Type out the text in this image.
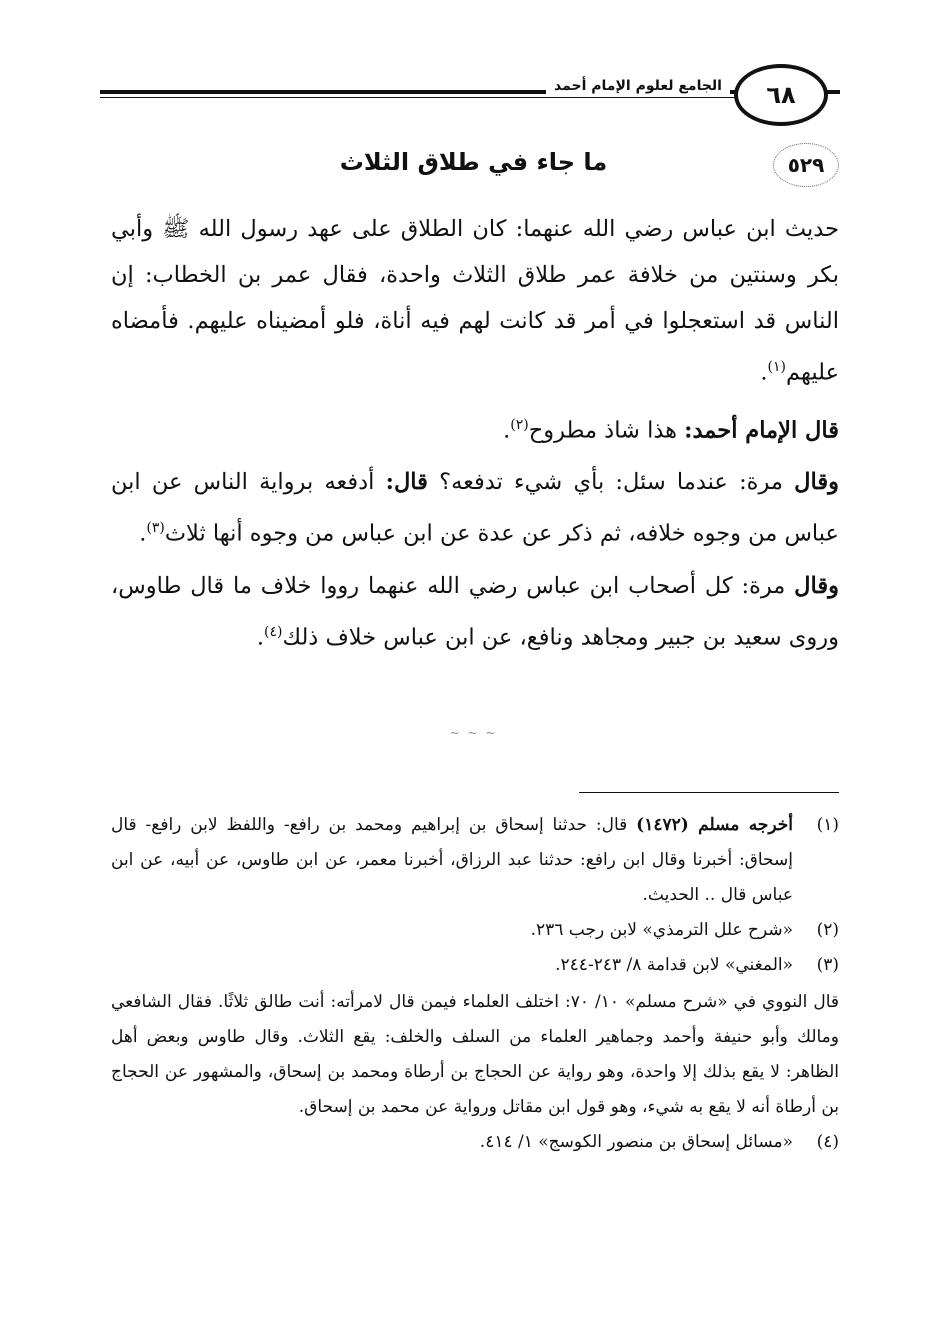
الجامع لعلوم الإمام أحمد	٦٨
٥٢٩
ما جاء في طلاق الثلاث

حديث ابن عباس رضي الله عنهما: كان الطلاق على عهد رسول الله ﷺ وأبي بكر وسنتين من خلافة عمر طلاق الثلاث واحدة، فقال عمر بن الخطاب: إن الناس قد استعجلوا في أمر قد كانت لهم فيه أناة، فلو أمضيناه عليهم. فأمضاه عليهم$^{(١)}$.

قال الإمام أحمد: هذا شاذ مطروح$^{(٢)}$.

وقال مرة: عندما سئل: بأي شيء تدفعه؟ قال: أدفعه برواية الناس عن ابن عباس من وجوه خلافه، ثم ذكر عن عدة عن ابن عباس من وجوه أنها ثلاث$^{(٣)}$.

وقال مرة: كل أصحاب ابن عباس رضي الله عنهما رووا خلاف ما قال طاوس، وروى سعيد بن جبير ومجاهد ونافع، عن ابن عباس خلاف ذلك$^{(٤)}$.

~ ~ ~
(١)
أخرجه مسلم (١٤٧٢) قال: حدثنا إسحاق بن إبراهيم ومحمد بن رافع- واللفظ لابن رافع- قال إسحاق: أخبرنا وقال ابن رافع: حدثنا عبد الرزاق، أخبرنا معمر، عن ابن طاوس، عن أبيه، عن ابن عباس قال .. الحديث.
(٢)
«شرح علل الترمذي» لابن رجب ٢٣٦.
(٣)
«المغني» لابن قدامة ٨/ ٢٤٣-٢٤٤.

قال النووي في «شرح مسلم» ١٠/ ٧٠: اختلف العلماء فيمن قال لامرأته: أنت طالق ثلاثًا. فقال الشافعي ومالك وأبو حنيفة وأحمد وجماهير العلماء من السلف والخلف: يقع الثلاث. وقال طاوس وبعض أهل الظاهر: لا يقع بذلك إلا واحدة، وهو رواية عن الحجاج بن أرطاة ومحمد بن إسحاق، والمشهور عن الحجاج بن أرطاة أنه لا يقع به شيء، وهو قول ابن مقاتل ورواية عن محمد بن إسحاق.

(٤)
«مسائل إسحاق بن منصور الكوسج» ١/ ٤١٤.
